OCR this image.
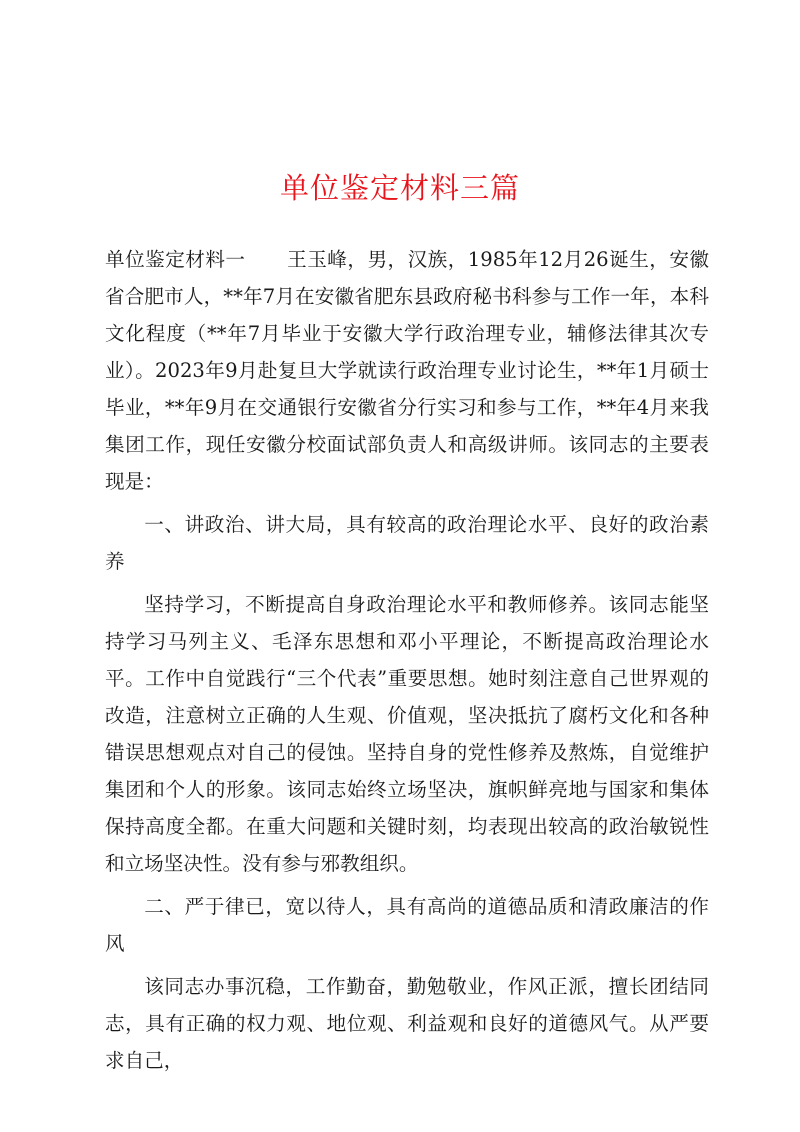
单位鉴定材料三篇

单位鉴定材料一 王玉峰，男，汉族，1985年12月26诞生，安徽省合肥市人，**年7月在安徽省肥东县政府秘书科参与工作一年，本科文化程度（**年7月毕业于安徽大学行政治理专业，辅修法律其次专业）。2023年9月赴复旦大学就读行政治理专业讨论生，**年1月硕士毕业，**年9月在交通银行安徽省分行实习和参与工作，**年4月来我集团工作，现任安徽分校面试部负责人和高级讲师。该同志的主要表现是：

一、讲政治、讲大局，具有较高的政治理论水平、良好的政治素养

坚持学习，不断提高自身政治理论水平和教师修养。该同志能坚持学习马列主义、毛泽东思想和邓小平理论，不断提高政治理论水平。工作中自觉践行“三个代表”重要思想。她时刻注意自己世界观的改造，注意树立正确的人生观、价值观，坚决抵抗了腐朽文化和各种错误思想观点对自己的侵蚀。坚持自身的党性修养及熬炼，自觉维护集团和个人的形象。该同志始终立场坚决，旗帜鲜亮地与国家和集体保持高度全都。在重大问题和关键时刻，均表现出较高的政治敏锐性和立场坚决性。没有参与邪教组织。

二、严于律已，宽以待人，具有高尚的道德品质和清政廉洁的作风

该同志办事沉稳，工作勤奋，勤勉敬业，作风正派，擅长团结同志，具有正确的权力观、地位观、利益观和良好的道德风气。从严要求自己，
